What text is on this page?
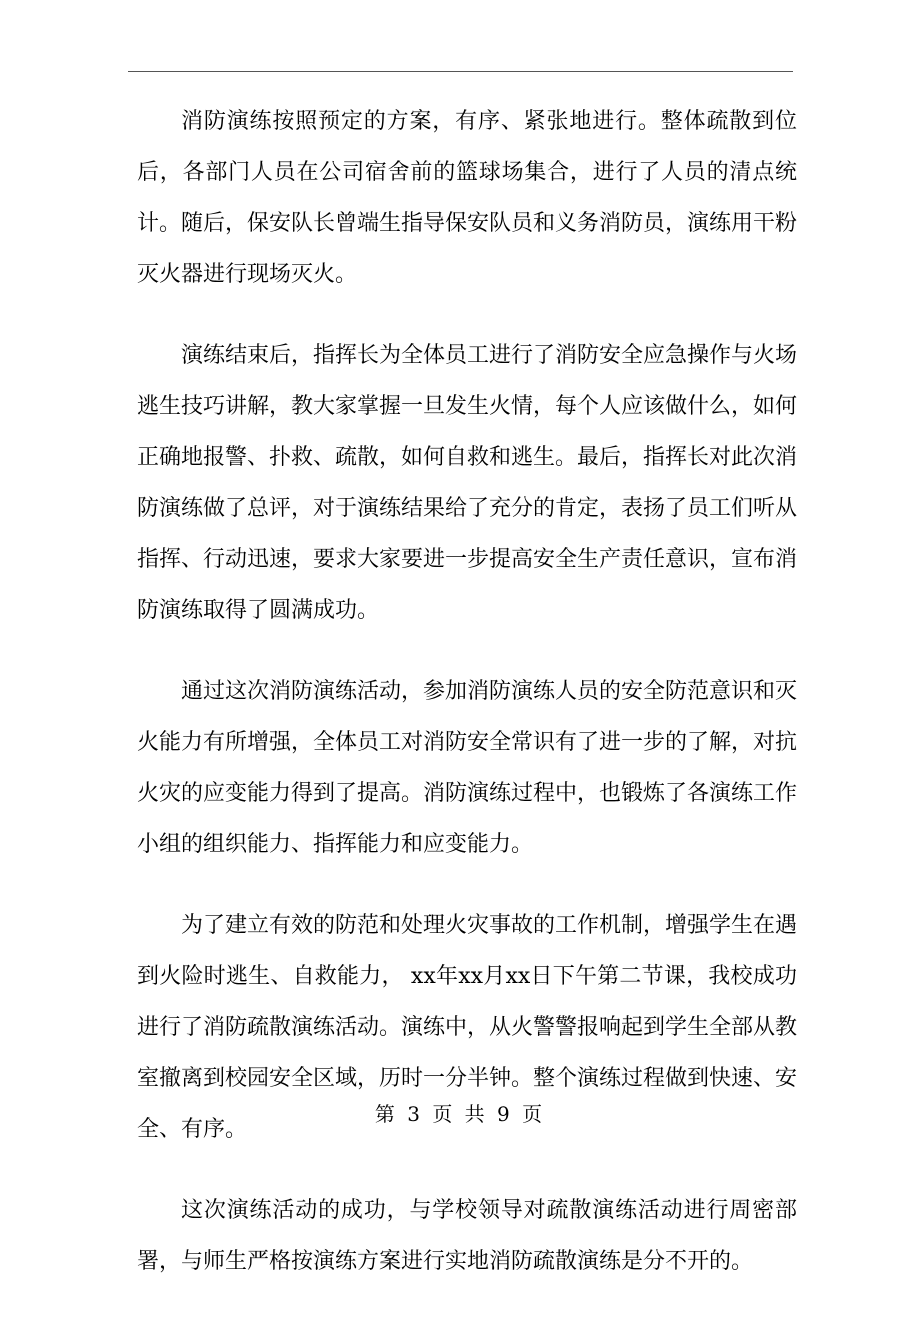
消防演练按照预定的方案，有序、紧张地进行。整体疏散到位后，各部门人员在公司宿舍前的篮球场集合，进行了人员的清点统计。随后，保安队长曾端生指导保安队员和义务消防员，演练用干粉灭火器进行现场灭火。

演练结束后，指挥长为全体员工进行了消防安全应急操作与火场逃生技巧讲解，教大家掌握一旦发生火情，每个人应该做什么，如何正确地报警、扑救、疏散，如何自救和逃生。最后，指挥长对此次消防演练做了总评，对于演练结果给了充分的肯定，表扬了员工们听从指挥、行动迅速，要求大家要进一步提高安全生产责任意识，宣布消防演练取得了圆满成功。

通过这次消防演练活动，参加消防演练人员的安全防范意识和灭火能力有所增强，全体员工对消防安全常识有了进一步的了解，对抗火灾的应变能力得到了提高。消防演练过程中，也锻炼了各演练工作小组的组织能力、指挥能力和应变能力。

为了建立有效的防范和处理火灾事故的工作机制，增强学生在遇到火险时逃生、自救能力， xx年xx月xx日下午第二节课，我校成功进行了消防疏散演练活动。演练中，从火警警报响起到学生全部从教室撤离到校园安全区域，历时一分半钟。整个演练过程做到快速、安全、有序。

这次演练活动的成功，与学校领导对疏散演练活动进行周密部署，与师生严格按演练方案进行实地消防疏散演练是分不开的。

第 3 页 共 9 页
